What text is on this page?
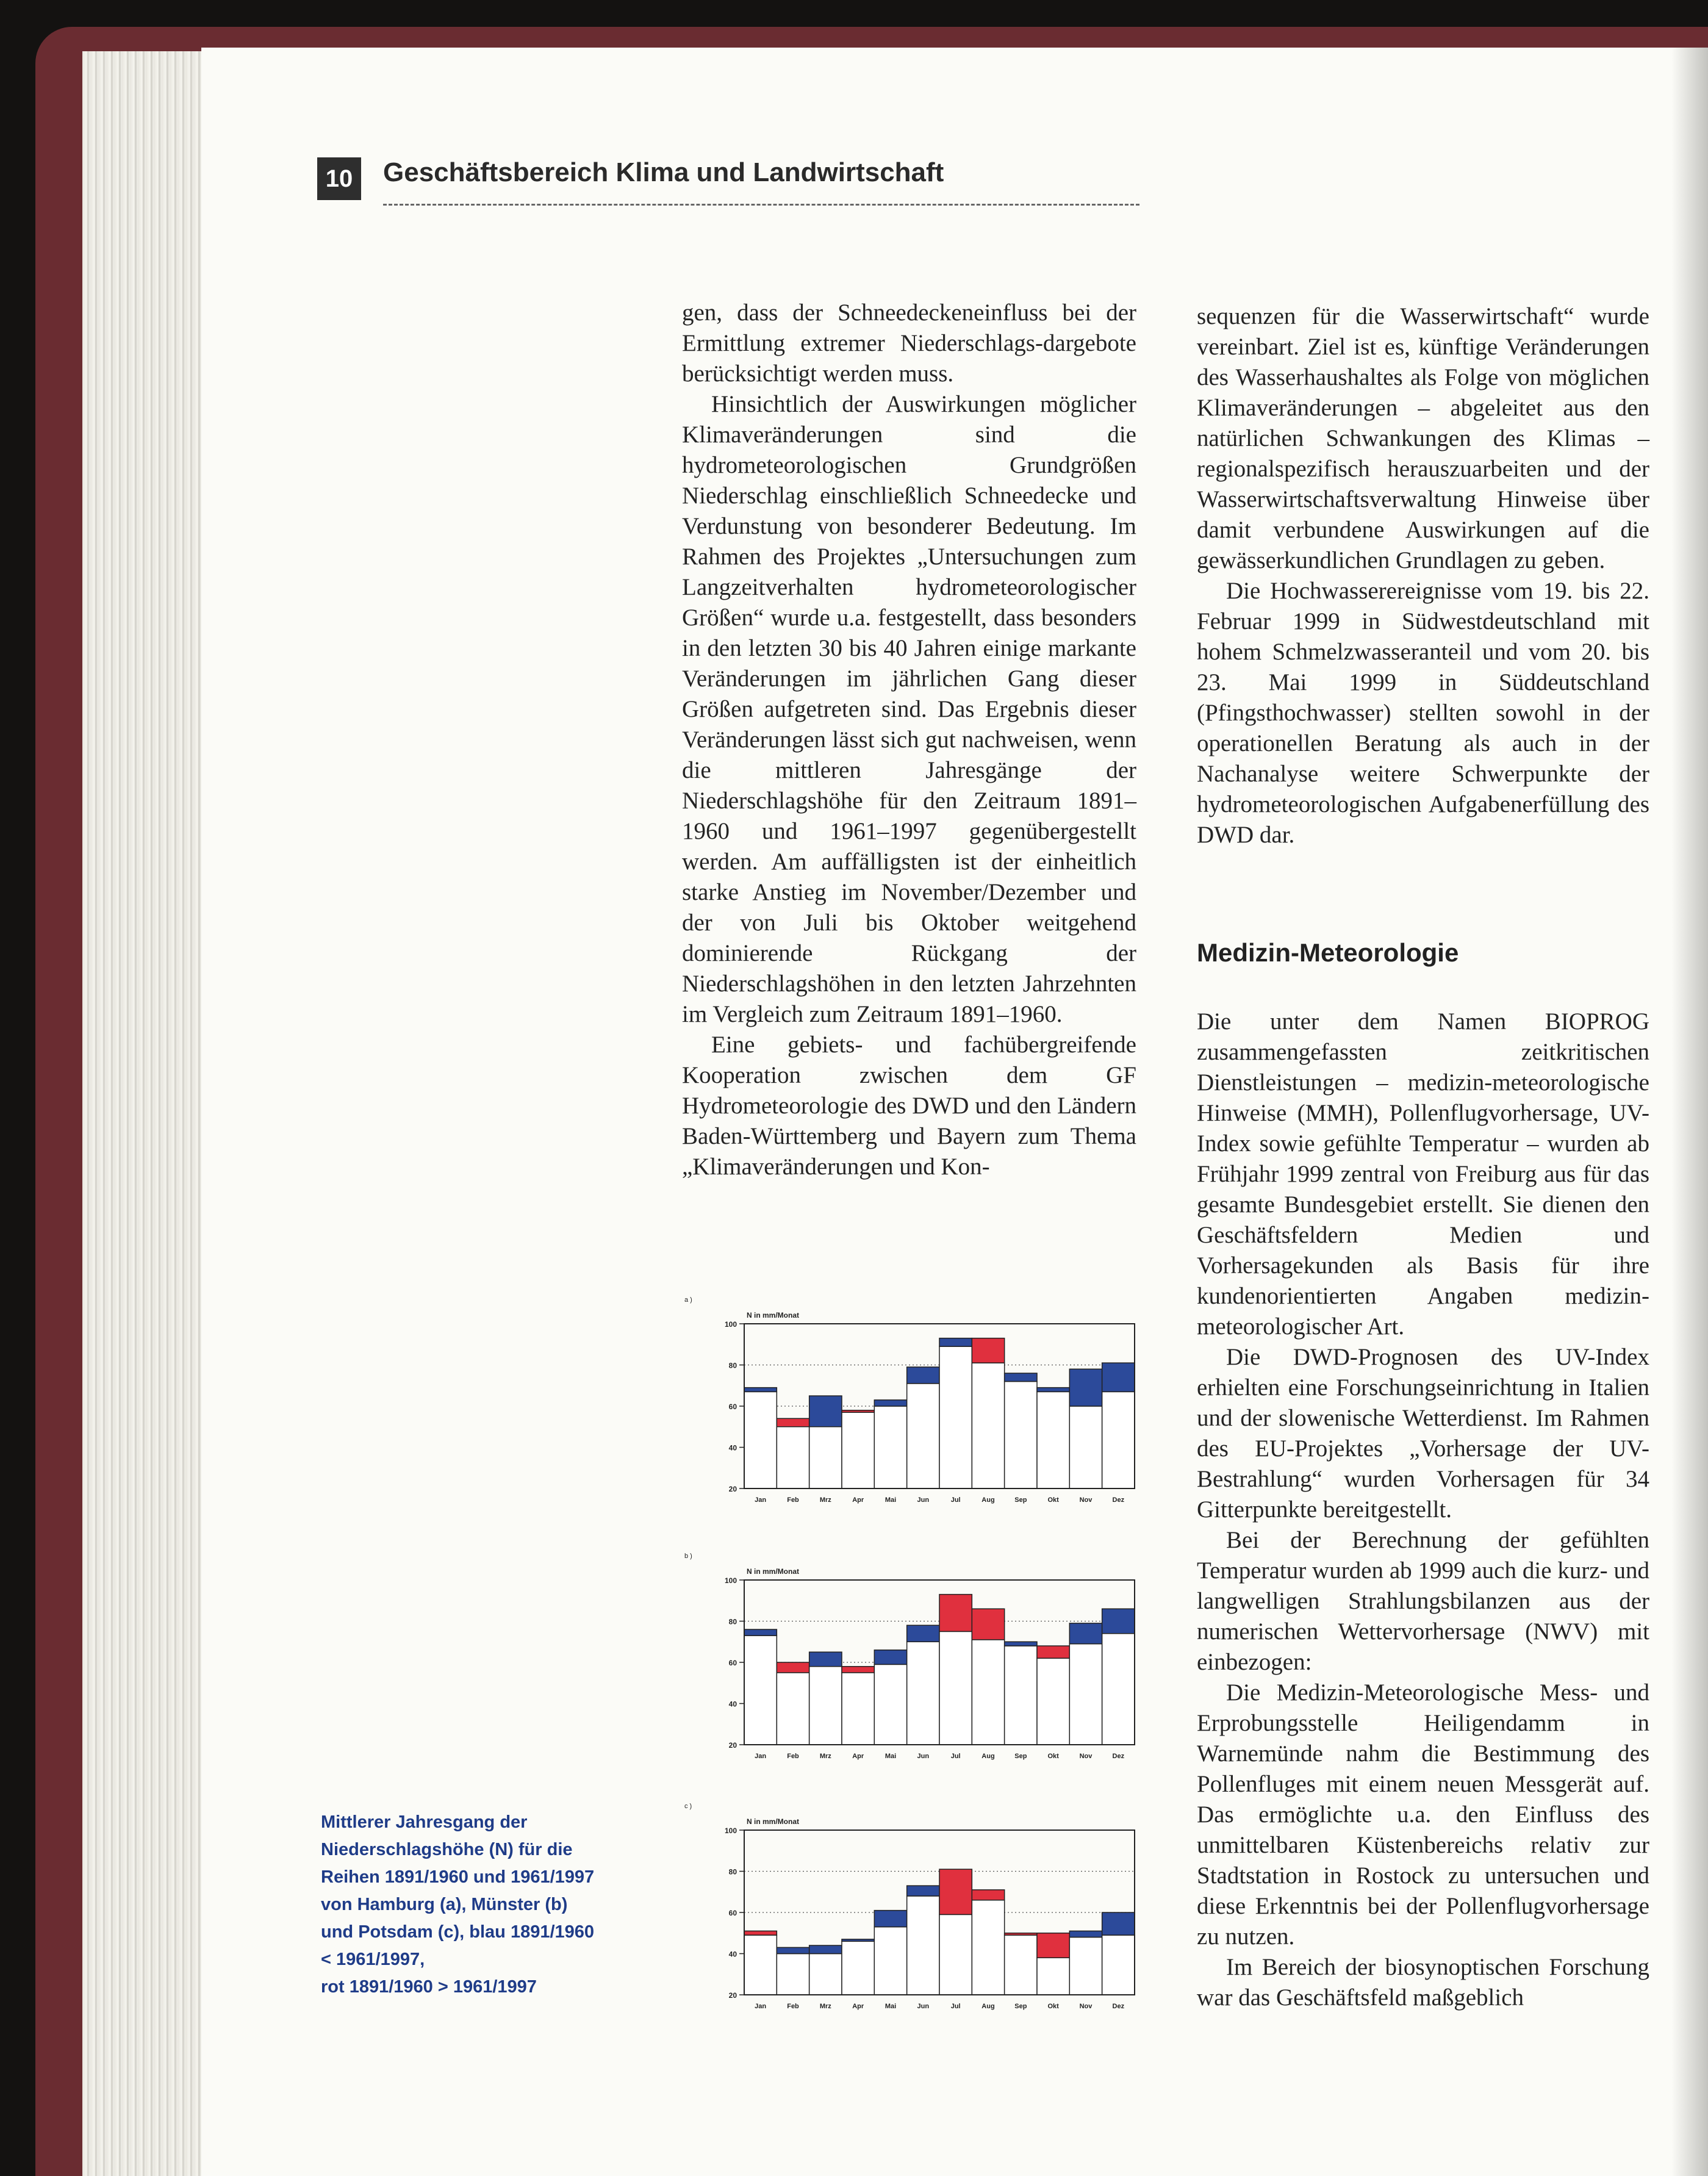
10	Geschäftsbereich Klima und Landwirtschaft

gen, dass der Schneedeckeneinfluss bei der Ermittlung extremer Niederschlags-dargebote berücksichtigt werden muss.

Hinsichtlich der Auswirkungen möglicher Klimaveränderungen sind die hydrometeorologischen Grundgrößen Niederschlag einschließlich Schneedecke und Verdunstung von besonderer Bedeutung. Im Rahmen des Projektes „Untersuchungen zum Langzeitverhalten hydrometeorologischer Größen“ wurde u.a. festgestellt, dass besonders in den letzten 30 bis 40 Jahren einige markante Veränderungen im jährlichen Gang dieser Größen aufgetreten sind. Das Ergebnis dieser Veränderungen lässt sich gut nachweisen, wenn die mittleren Jahresgänge der Niederschlagshöhe für den Zeitraum 1891–1960 und 1961–1997 gegenübergestellt werden. Am auffälligsten ist der einheitlich starke Anstieg im November/Dezember und der von Juli bis Oktober weitgehend dominierende Rückgang der Niederschlagshöhen in den letzten Jahrzehnten im Vergleich zum Zeitraum 1891–1960.

Eine gebiets- und fachübergreifende Kooperation zwischen dem GF Hydrometeorologie des DWD und den Ländern Baden-Württemberg und Bayern zum Thema „Klimaveränderungen und Kon-

sequenzen für die Wasserwirtschaft“ wurde vereinbart. Ziel ist es, künftige Veränderungen des Wasserhaushaltes als Folge von möglichen Klimaveränderungen – abgeleitet aus den natürlichen Schwankungen des Klimas – regionalspezifisch herauszuarbeiten und der Wasserwirtschaftsverwaltung Hinweise über damit verbundene Auswirkungen auf die gewässerkundlichen Grundlagen zu geben.

Die Hochwasserereignisse vom 19. bis 22. Februar 1999 in Südwestdeutschland mit hohem Schmelzwasseranteil und vom 20. bis 23. Mai 1999 in Süddeutschland (Pfingsthochwasser) stellten sowohl in der operationellen Beratung als auch in der Nachanalyse weitere Schwerpunkte der hydrometeorologischen Aufgabenerfüllung des DWD dar.

Medizin-Meteorologie

Die unter dem Namen BIOPROG zusammengefassten zeitkritischen Dienstleistungen – medizin-meteorologische Hinweise (MMH), Pollenflugvorhersage, UV-Index sowie gefühlte Temperatur – wurden ab Frühjahr 1999 zentral von Freiburg aus für das gesamte Bundesgebiet erstellt. Sie dienen den Geschäftsfeldern Medien und Vorhersagekunden als Basis für ihre kundenorientierten Angaben medizin-meteorologischer Art.

Die DWD-Prognosen des UV-Index erhielten eine Forschungseinrichtung in Italien und der slowenische Wetterdienst. Im Rahmen des EU-Projektes „Vorhersage der UV-Bestrahlung“ wurden Vorhersagen für 34 Gitterpunkte bereitgestellt.

Bei der Berechnung der gefühlten Temperatur wurden ab 1999 auch die kurz- und langwelligen Strahlungsbilanzen aus der numerischen Wettervorhersage (NWV) mit einbezogen:

Die Medizin-Meteorologische Mess- und Erprobungsstelle Heiligendamm in Warnemünde nahm die Bestimmung des Pollenfluges mit einem neuen Messgerät auf. Das ermöglichte u.a. den Einfluss des unmittelbaren Küstenbereichs relativ zur Stadtstation in Rostock zu untersuchen und diese Erkenntnis bei der Pollenflugvorhersage zu nutzen.

Im Bereich der biosynoptischen Forschung war das Geschäftsfeld maßgeblich

Mittlerer Jahresgang der
Niederschlagshöhe (N) für die
Reihen 1891/1960 und 1961/1997
von Hamburg (a), Münster (b)
und Potsdam (c), blau 1891/1960
< 1961/1997,
rot 1891/1960 > 1961/1997
a )
N in mm/Monat
20
40
60
80
100
Jan	Feb	Mrz	Apr	Mai	Jun	Jul	Aug	Sep	Okt	Nov	Dez
b )
N in mm/Monat
20
40
60
80
100
Jan	Feb	Mrz	Apr	Mai	Jun	Jul	Aug	Sep	Okt	Nov	Dez
c )
N in mm/Monat
20
40
60
80
100
Jan	Feb	Mrz	Apr	Mai	Jun	Jul	Aug	Sep	Okt	Nov	Dez
